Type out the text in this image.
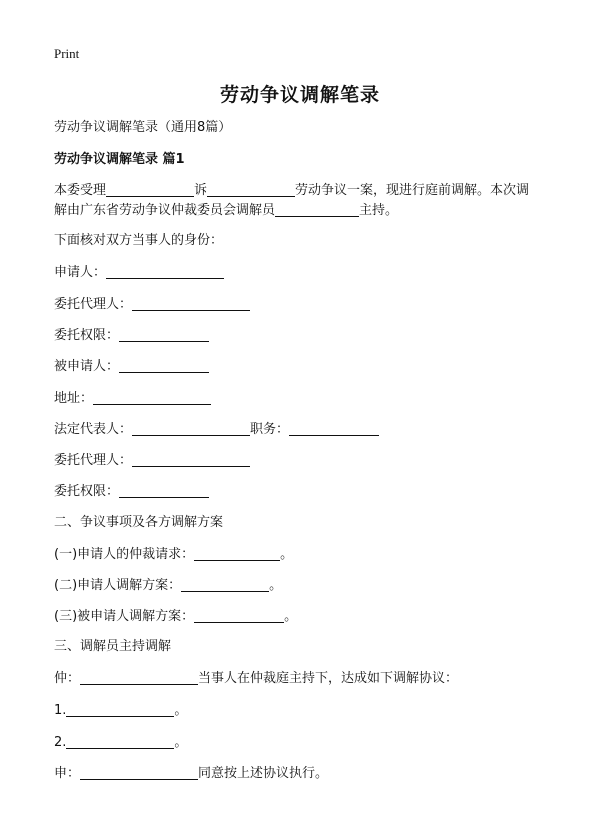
Print
劳动争议调解笔录
劳动争议调解笔录（通用8篇）
劳动争议调解笔录 篇1
本委受理	诉	劳动争议一案，现进行庭前调解。本次调
解由广东省劳动争议仲裁委员会调解员	主持。
下面核对双方当事人的身份：
申请人：
委托代理人：
委托权限：
被申请人：
地址：
法定代表人：	职务：
委托代理人：
委托权限：
二、争议事项及各方调解方案
(一)申请人的仲裁请求：	。
(二)申请人调解方案：	。
(三)被申请人调解方案：	。
三、调解员主持调解
仲：	当事人在仲裁庭主持下，达成如下调解协议：
1.	。
2.	。
申：	同意按上述协议执行。
